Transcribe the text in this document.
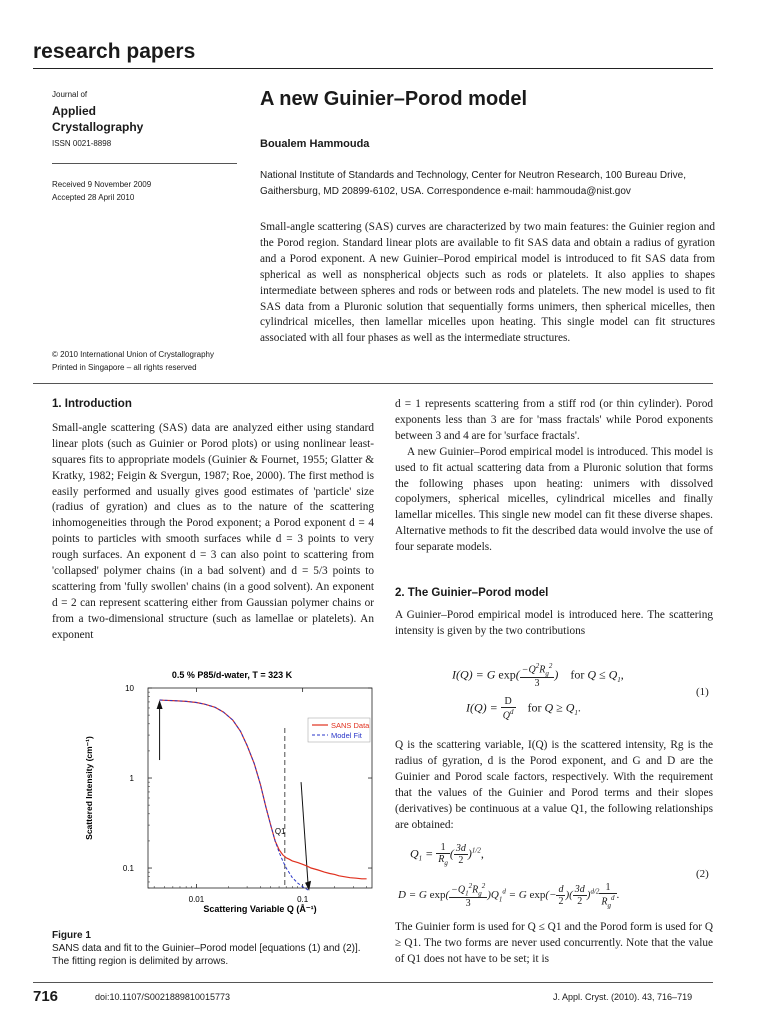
research papers
Journal of
Applied
Crystallography
ISSN 0021-8898
Received 9 November 2009
Accepted 28 April 2010
© 2010 International Union of Crystallography
Printed in Singapore – all rights reserved
A new Guinier–Porod model
Boualem Hammouda
National Institute of Standards and Technology, Center for Neutron Research, 100 Bureau Drive,
Gaithersburg, MD 20899-6102, USA. Correspondence e-mail: hammouda@nist.gov
Small-angle scattering (SAS) curves are characterized by two main features: the Guinier region and the Porod region. Standard linear plots are available to fit SAS data and obtain a radius of gyration and a Porod exponent. A new Guinier–Porod empirical model is introduced to fit SAS data from spherical as well as nonspherical objects such as rods or platelets. It also applies to shapes intermediate between spheres and rods or between rods and platelets. The new model is used to fit SAS data from a Pluronic solution that sequentially forms unimers, then spherical micelles, then cylindrical micelles, then lamellar micelles upon heating. This single model can fit structures associated with all four phases as well as the intermediate structures.
1. Introduction

Small-angle scattering (SAS) data are analyzed either using standard linear plots (such as Guinier or Porod plots) or using nonlinear least-squares fits to appropriate models (Guinier & Fournet, 1955; Glatter & Kratky, 1982; Feigin & Svergun, 1987; Roe, 2000). The first method is easily performed and usually gives good estimates of 'particle' size (radius of gyration) and clues as to the nature of the scattering inhomogeneities through the Porod exponent; a Porod exponent d = 4 points to particles with smooth surfaces while d = 3 points to very rough surfaces. An exponent d = 3 can also point to scattering from 'collapsed' polymer chains (in a bad solvent) and d = 5/3 points to scattering from 'fully swollen' chains (in a good solvent). An exponent d = 2 can represent scattering either from Gaussian polymer chains or from a two-dimensional structure (such as lamellae or platelets). An exponent

0.5 % P85/d-water, T = 323 K
0.1
1
10
0.01	0.1
Scattered Intensity (cm⁻¹)
Scattering Variable Q (Å⁻¹)
Q1
SANS Data
Model Fit
Figure 1
SANS data and fit to the Guinier–Porod model [equations (1) and (2)]. The fitting region is delimited by arrows.

d = 1 represents scattering from a stiff rod (or thin cylinder). Porod exponents less than 3 are for 'mass fractals' while Porod exponents between 3 and 4 are for 'surface fractals'.

A new Guinier–Porod empirical model is introduced. This model is used to fit actual scattering data from a Pluronic solution that forms the following phases upon heating: unimers with dissolved copolymers, spherical micelles, cylindrical micelles and finally lamellar micelles. This single new model can fit these diverse shapes. Alternative methods to fit the described data would involve the use of four separate models.

2. The Guinier–Porod model

A Guinier–Porod empirical model is introduced here. The scattering intensity is given by the two contributions

I(Q) = G $\exp( \frac{-Q^2R_g^2}{3}$ )    for $Q \le Q_1$,
$I(Q) = \frac{D}{Q^d}$ for $Q \ge Q_1$.
(1)

Q is the scattering variable, I(Q) is the scattered intensity, Rg is the radius of gyration, d is the Porod exponent, and G and D are the Guinier and Porod scale factors, respectively. With the requirement that the values of the Guinier and Porod terms and their slopes (derivatives) be continuous at a value Q1, the following relationships are obtained:

$Q_1 = \frac{1}{R_g}$ ( $\frac{3d}{2} )^{1/2}$,
D = G $\exp( \frac{-Q_1^2R_g^2}{3} )Q_1^d = G$ $\exp(- \frac{d}{2}$ )( $\frac{3d}{2} )^{d/2} \frac{1}{R_g^d}$ .
(2)

The Guinier form is used for Q ≤ Q1 and the Porod form is used for Q ≥ Q1. The two forms are never used concurrently. Note that the value of Q1 does not have to be set; it is

716	doi:10.1107/S0021889810015773	J. Appl. Cryst. (2010). 43, 716–719
